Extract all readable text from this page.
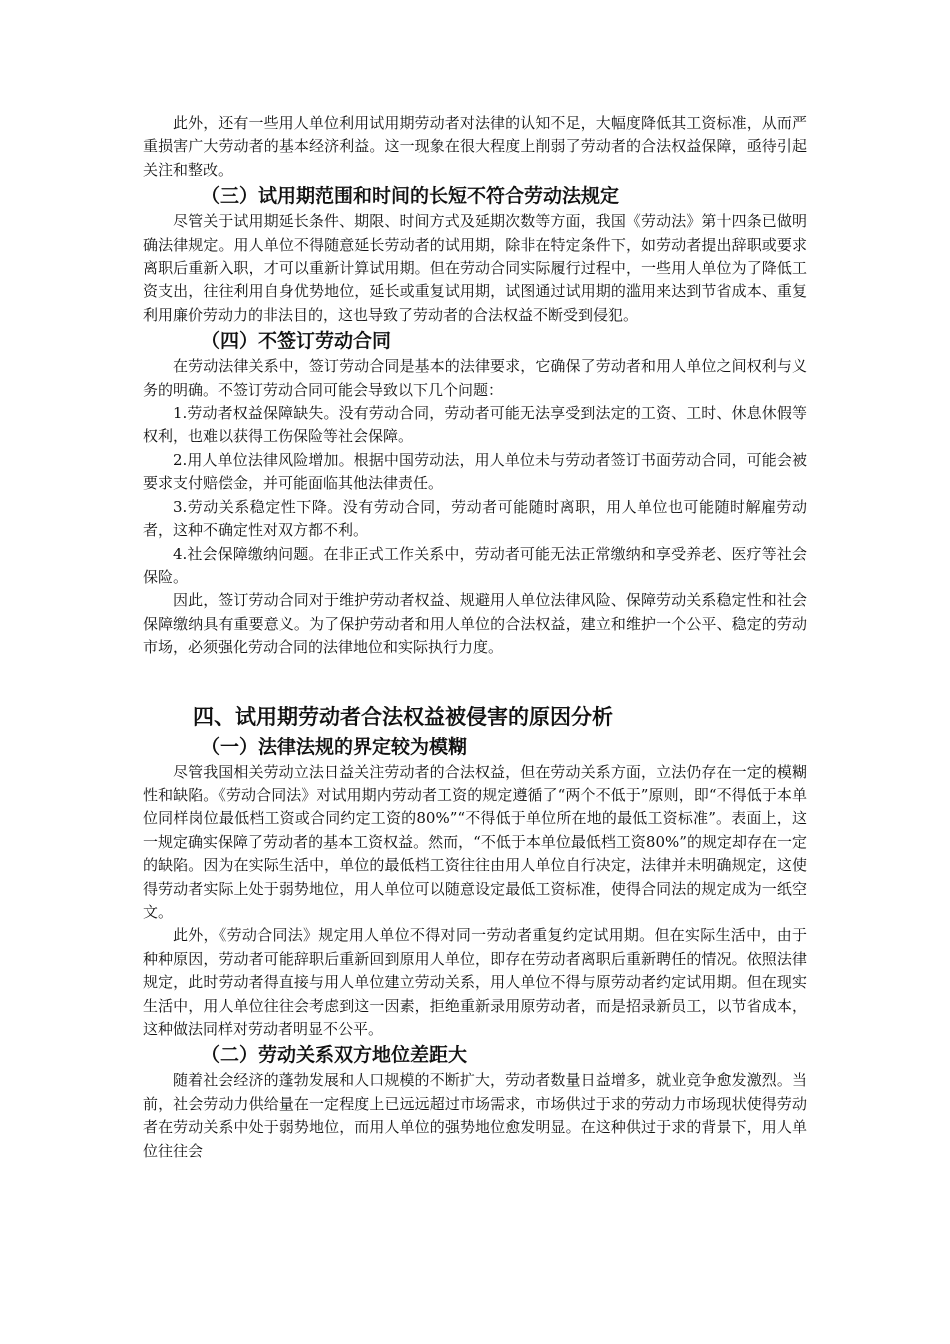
此外，还有一些用人单位利用试用期劳动者对法律的认知不足，大幅度降低其工资标准，从而严重损害广大劳动者的基本经济利益。这一现象在很大程度上削弱了劳动者的合法权益保障，亟待引起关注和整改。

（三）试用期范围和时间的长短不符合劳动法规定

尽管关于试用期延长条件、期限、时间方式及延期次数等方面，我国《劳动法》第十四条已做明确法律规定。用人单位不得随意延长劳动者的试用期，除非在特定条件下，如劳动者提出辞职或要求离职后重新入职，才可以重新计算试用期。但在劳动合同实际履行过程中，一些用人单位为了降低工资支出，往往利用自身优势地位，延长或重复试用期，试图通过试用期的滥用来达到节省成本、重复利用廉价劳动力的非法目的，这也导致了劳动者的合法权益不断受到侵犯。

（四）不签订劳动合同

在劳动法律关系中，签订劳动合同是基本的法律要求，它确保了劳动者和用人单位之间权利与义务的明确。不签订劳动合同可能会导致以下几个问题：

1.劳动者权益保障缺失。没有劳动合同，劳动者可能无法享受到法定的工资、工时、休息休假等权利，也难以获得工伤保险等社会保障。

2.用人单位法律风险增加。根据中国劳动法，用人单位未与劳动者签订书面劳动合同，可能会被要求支付赔偿金，并可能面临其他法律责任。

3.劳动关系稳定性下降。没有劳动合同，劳动者可能随时离职，用人单位也可能随时解雇劳动者，这种不确定性对双方都不利。

4.社会保障缴纳问题。在非正式工作关系中，劳动者可能无法正常缴纳和享受养老、医疗等社会保险。

因此，签订劳动合同对于维护劳动者权益、规避用人单位法律风险、保障劳动关系稳定性和社会保障缴纳具有重要意义。为了保护劳动者和用人单位的合法权益，建立和维护一个公平、稳定的劳动市场，必须强化劳动合同的法律地位和实际执行力度。

四、试用期劳动者合法权益被侵害的原因分析
（一）法律法规的界定较为模糊

尽管我国相关劳动立法日益关注劳动者的合法权益，但在劳动关系方面，立法仍存在一定的模糊性和缺陷。《劳动合同法》对试用期内劳动者工资的规定遵循了“两个不低于”原则，即“不得低于本单位同样岗位最低档工资或合同约定工资的80%”“不得低于单位所在地的最低工资标准”。表面上，这一规定确实保障了劳动者的基本工资权益。然而，“不低于本单位最低档工资80%”的规定却存在一定的缺陷。因为在实际生活中，单位的最低档工资往往由用人单位自行决定，法律并未明确规定，这使得劳动者实际上处于弱势地位，用人单位可以随意设定最低工资标准，使得合同法的规定成为一纸空文。

此外，《劳动合同法》规定用人单位不得对同一劳动者重复约定试用期。但在实际生活中，由于种种原因，劳动者可能辞职后重新回到原用人单位，即存在劳动者离职后重新聘任的情况。依照法律规定，此时劳动者得直接与用人单位建立劳动关系，用人单位不得与原劳动者约定试用期。但在现实生活中，用人单位往往会考虑到这一因素，拒绝重新录用原劳动者，而是招录新员工，以节省成本，这种做法同样对劳动者明显不公平。

（二）劳动关系双方地位差距大

随着社会经济的蓬勃发展和人口规模的不断扩大，劳动者数量日益增多，就业竞争愈发激烈。当前，社会劳动力供给量在一定程度上已远远超过市场需求，市场供过于求的劳动力市场现状使得劳动者在劳动关系中处于弱势地位，而用人单位的强势地位愈发明显。在这种供过于求的背景下，用人单位往往会
